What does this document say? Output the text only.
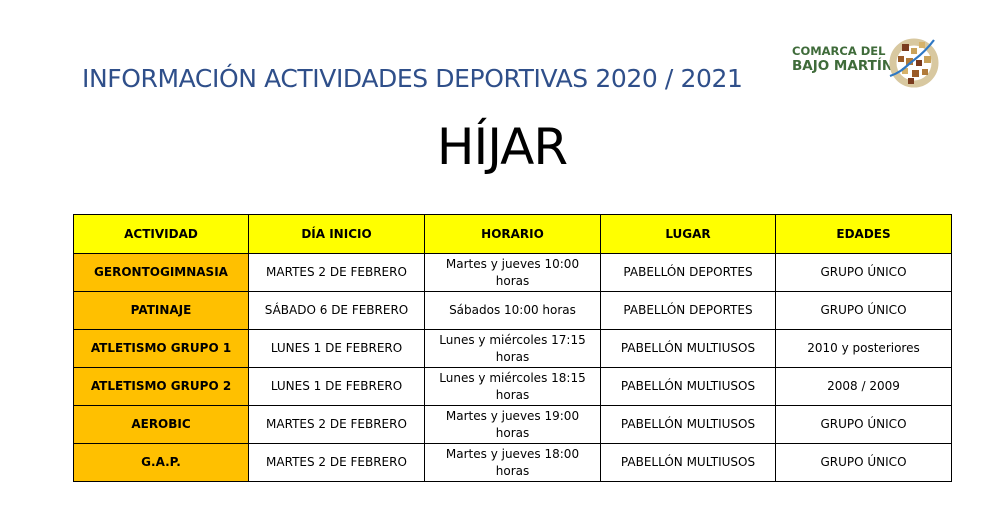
INFORMACIÓN ACTIVIDADES DEPORTIVAS 2020 / 2021
COMARCA DEL
BAJO MARTÍN
HÍJAR
ACTIVIDAD	DÍA INICIO	HORARIO	LUGAR	EDADES
GERONTOGIMNASIA	MARTES 2 DE FEBRERO	Martes y jueves 10:00 horas	PABELLÓN DEPORTES	GRUPO ÚNICO
PATINAJE	SÁBADO 6 DE FEBRERO	Sábados 10:00 horas	PABELLÓN DEPORTES	GRUPO ÚNICO
ATLETISMO GRUPO 1	LUNES 1 DE FEBRERO	Lunes y miércoles 17:15 horas	PABELLÓN MULTIUSOS	2010 y posteriores
ATLETISMO GRUPO 2	LUNES 1 DE FEBRERO	Lunes y miércoles 18:15 horas	PABELLÓN MULTIUSOS	2008 / 2009
AEROBIC	MARTES 2 DE FEBRERO	Martes y jueves 19:00 horas	PABELLÓN MULTIUSOS	GRUPO ÚNICO
G.A.P.	MARTES 2 DE FEBRERO	Martes y jueves 18:00 horas	PABELLÓN MULTIUSOS	GRUPO ÚNICO
